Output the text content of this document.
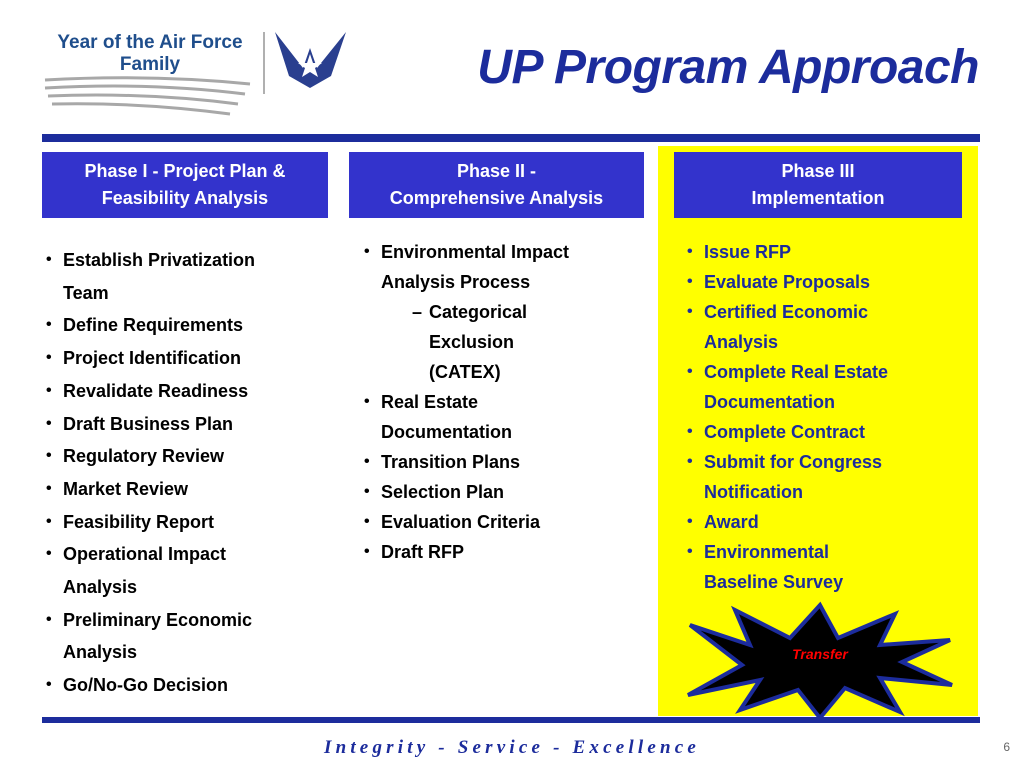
Year of the Air Force
Family	UP Program Approach
Phase I - Project Plan &
Feasibility Analysis
Phase II -
Comprehensive Analysis
Phase III
Implementation
• Establish Privatization
Team
• Define Requirements
• Project Identification
• Revalidate Readiness
• Draft Business Plan
• Regulatory Review
• Market Review
• Feasibility Report
• Operational Impact
Analysis
• Preliminary Economic
Analysis
• Go/No-Go Decision
• Environmental Impact
Analysis Process
– Categorical
Exclusion
(CATEX)
• Real Estate
Documentation
• Transition Plans
• Selection Plan
• Evaluation Criteria
• Draft RFP
• Issue RFP
• Evaluate Proposals
• Certified Economic
Analysis
• Complete Real Estate
Documentation
• Complete Contract
• Submit for Congress
Notification
• Award
• Environmental
Baseline Survey
Transfer
Integrity - Service - Excellence	6
